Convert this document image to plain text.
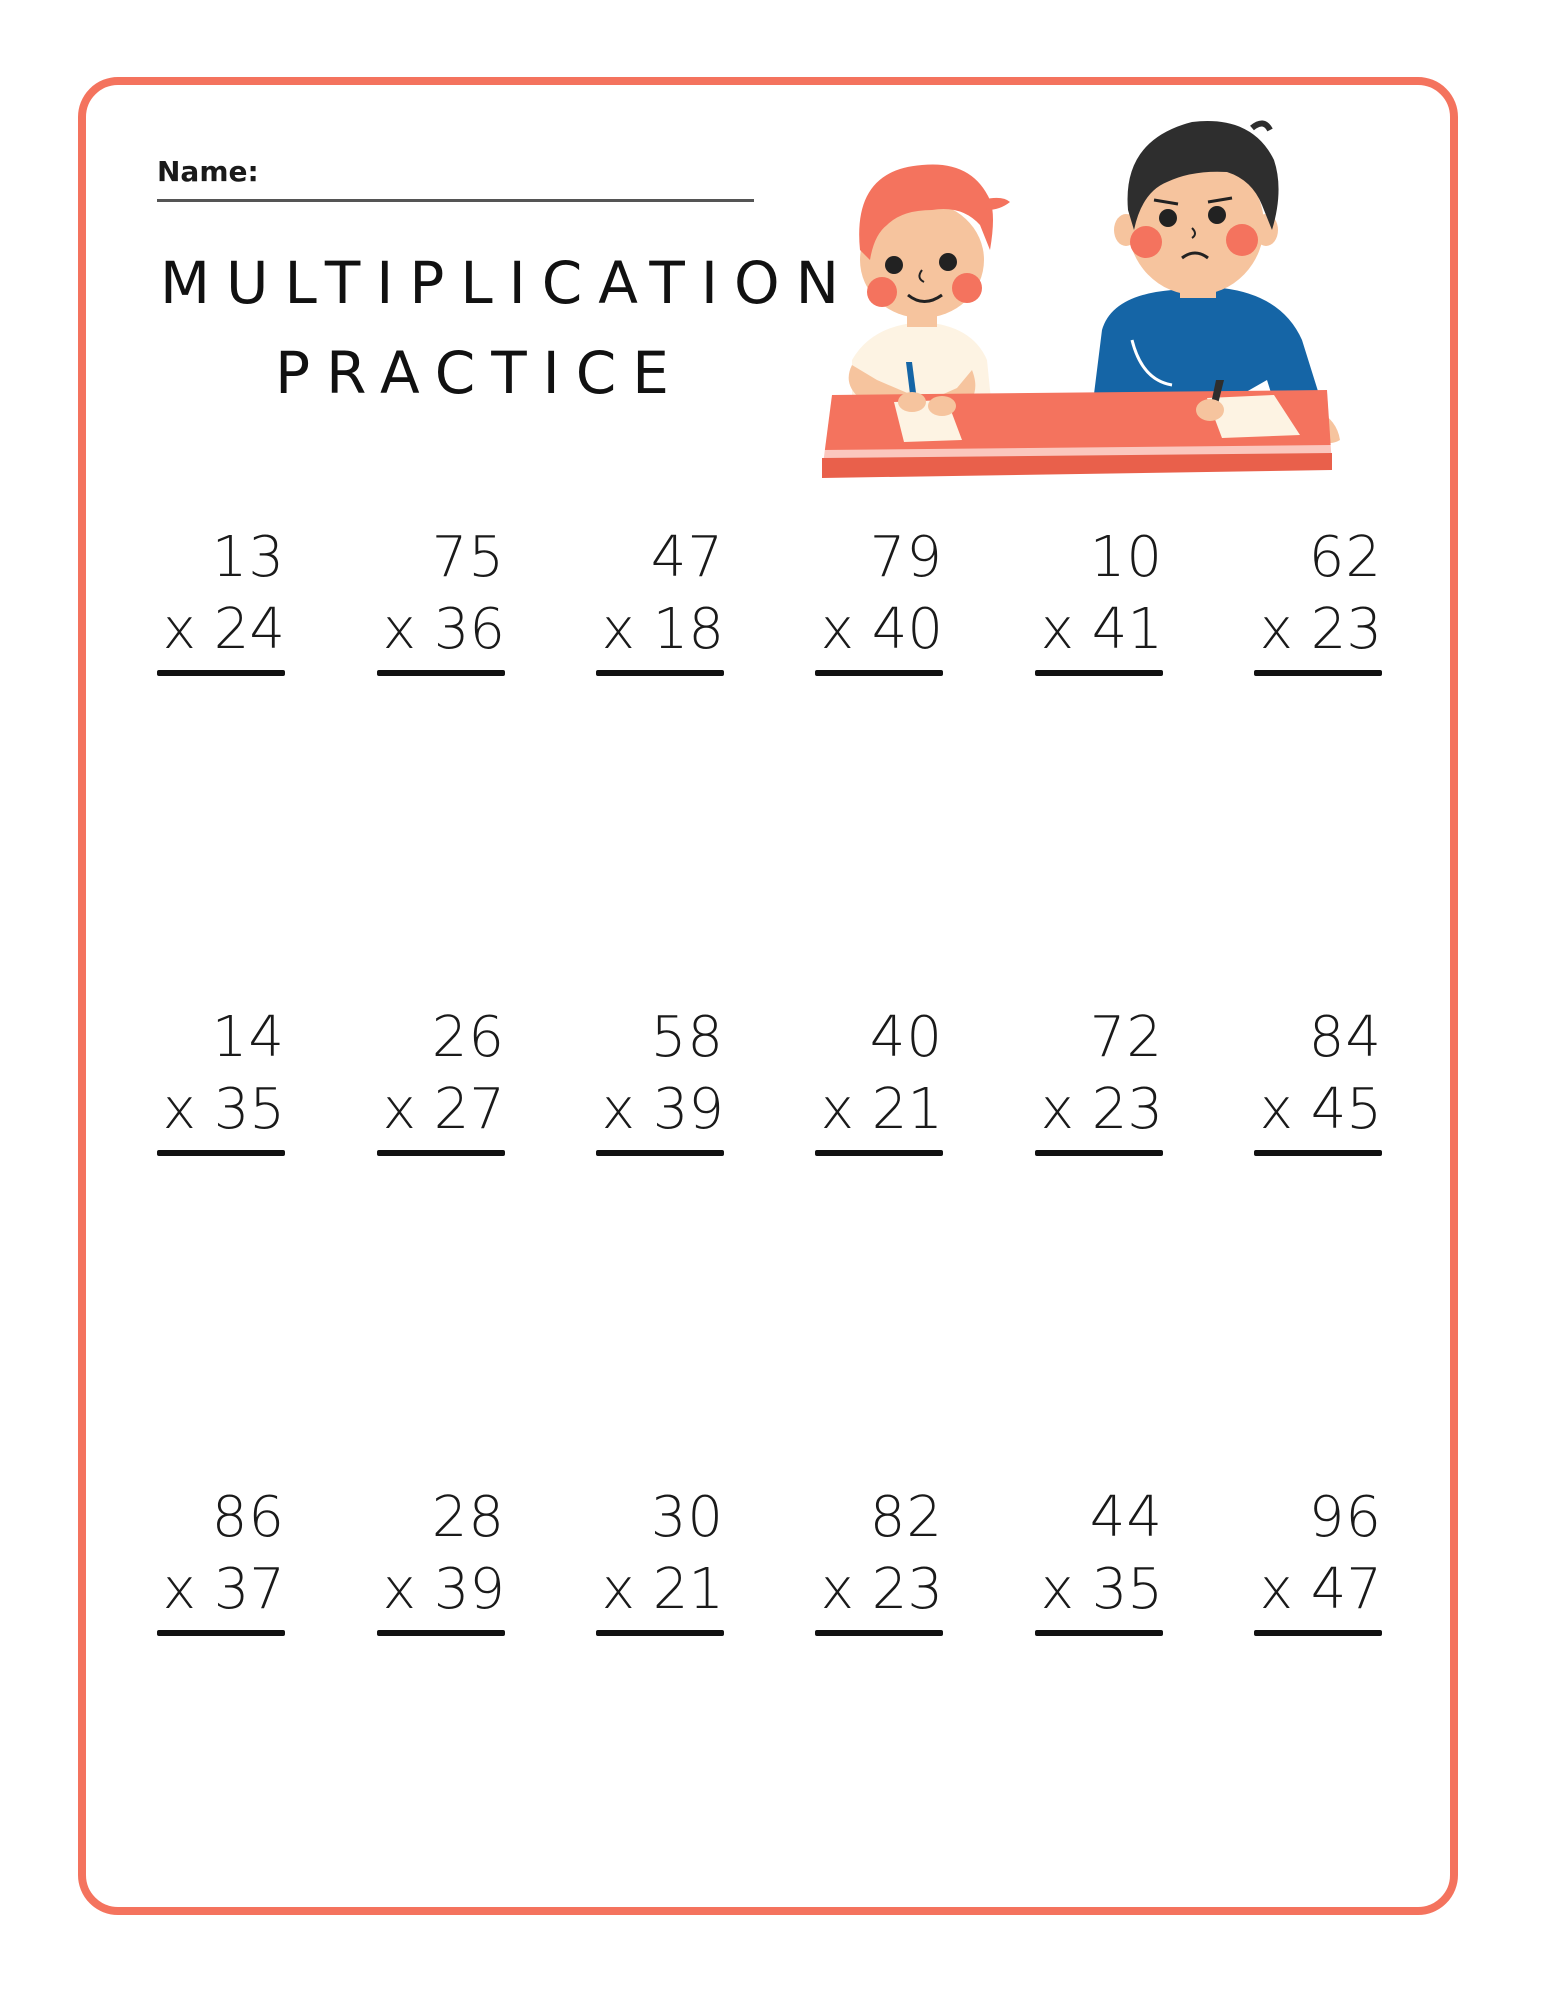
Name:
MULTIPLICATION
PRACTICE
13
x 24
75
x 36
47
x 18
79
x 40
10
x 41
62
x 23
14
x 35
26
x 27
58
x 39
40
x 21
72
x 23
84
x 45
86
x 37
28
x 39
30
x 21
82
x 23
44
x 35
96
x 47
